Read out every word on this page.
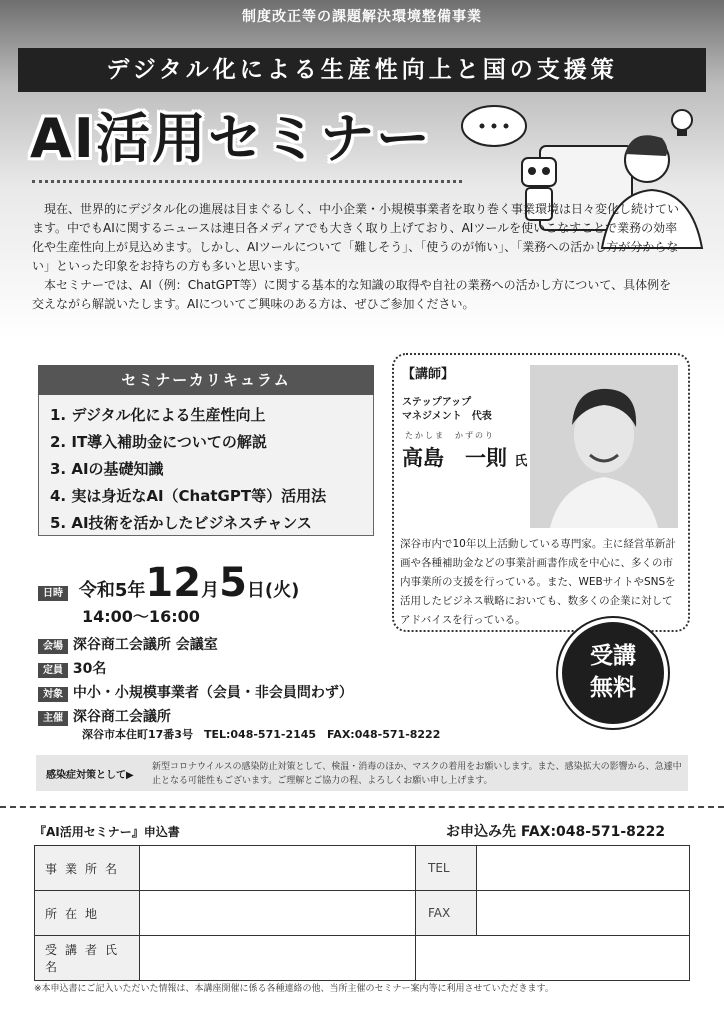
制度改正等の課題解決環境整備事業
デジタル化による生産性向上と国の支援策
AI活用セミナー

現在、世界的にデジタル化の進展は目まぐるしく、中小企業・小規模事業者を取り巻く事業環境は日々変化し続けています。中でもAIに関するニュースは連日各メディアでも大きく取り上げており、AIツールを使いこなすことで業務の効率化や生産性向上が見込めます。しかし、AIツールについて「難しそう」、「使うのが怖い」、「業務への活かし方が分からない」といった印象をお持ちの方も多いと思います。

本セミナーでは、AI（例：ChatGPT等）に関する基本的な知識の取得や自社の業務への活かし方について、具体例を交えながら解説いたします。AIについてご興味のある方は、ぜひご参加ください。

セミナーカリキュラム
1. デジタル化による生産性向上
2. IT導入補助金についての解説
3. AIの基礎知識
4. 実は身近なAI（ChatGPT等）活用法
5. AI技術を活かしたビジネスチャンス
【講師】
ステップアップ
マネジメント　代表
たかしま　かずのり
高島　一則 氏
深谷市内で10年以上活動している専門家。主に経営革新計画や各種補助金などの事業計画書作成を中心に、多くの市内事業所の支援を行っている。また、WEBサイトやSNSを活用したビジネス戦略においても、数多くの企業に対してアドバイスを行っている。
受講
無料
日時 令和5年12月5日(火)
14:00〜16:00
会場 深谷商工会議所 会議室
定員 30名
対象 中小・小規模事業者（会員・非会員問わず）
主催 深谷商工会議所
深谷市本住町17番3号　TEL:048-571-2145　FAX:048-571-8222
感染症対策として▶
新型コロナウイルスの感染防止対策として、検温・消毒のほか、マスクの着用をお願いします。また、感染拡大の影響から、急遽中止となる可能性もございます。ご理解とご協力の程、よろしくお願い申し上げます。
『AI活用セミナー』申込書	お申込み先 FAX:048-571-8222
事業所名		TEL	
所在地		FAX	
受講者氏名			
※本申込書にご記入いただいた情報は、本講座開催に係る各種連絡の他、当所主催のセミナー案内等に利用させていただきます。
